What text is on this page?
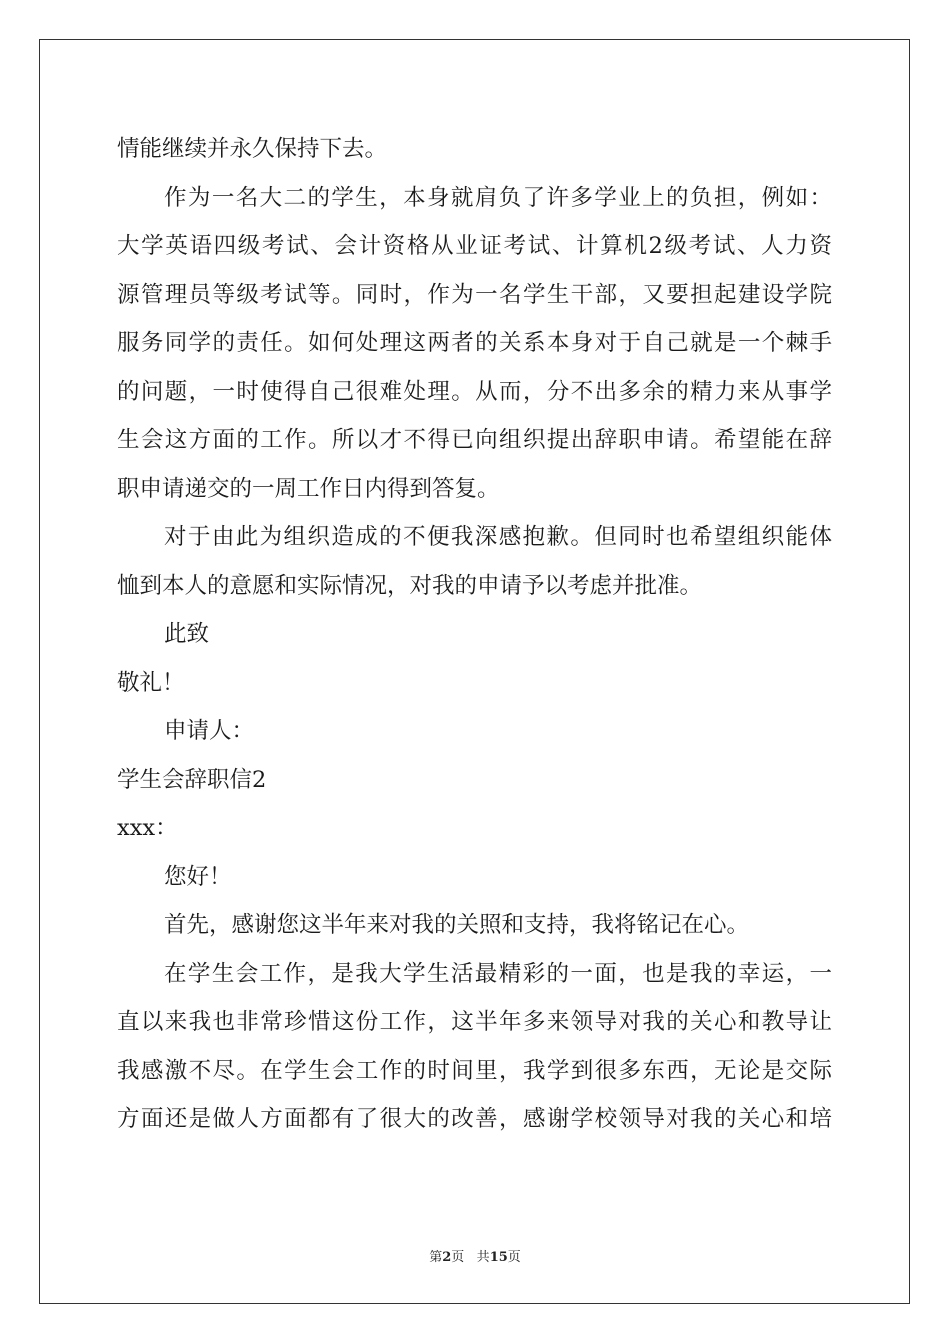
情能继续并永久保持下去。
作为一名大二的学生，本身就肩负了许多学业上的负担，例如：
大学英语四级考试、会计资格从业证考试、计算机2级考试、人力资
源管理员等级考试等。同时，作为一名学生干部，又要担起建设学院
服务同学的责任。如何处理这两者的关系本身对于自己就是一个棘手
的问题，一时使得自己很难处理。从而，分不出多余的精力来从事学
生会这方面的工作。所以才不得已向组织提出辞职申请。希望能在辞
职申请递交的一周工作日内得到答复。
对于由此为组织造成的不便我深感抱歉。但同时也希望组织能体
恤到本人的意愿和实际情况，对我的申请予以考虑并批准。
此致
敬礼！
申请人：
学生会辞职信2
xxx：
您好！
首先，感谢您这半年来对我的关照和支持，我将铭记在心。
在学生会工作，是我大学生活最精彩的一面，也是我的幸运，一
直以来我也非常珍惜这份工作，这半年多来领导对我的关心和教导让
我感激不尽。在学生会工作的时间里，我学到很多东西，无论是交际
方面还是做人方面都有了很大的改善，感谢学校领导对我的关心和培
第2页 共15页
